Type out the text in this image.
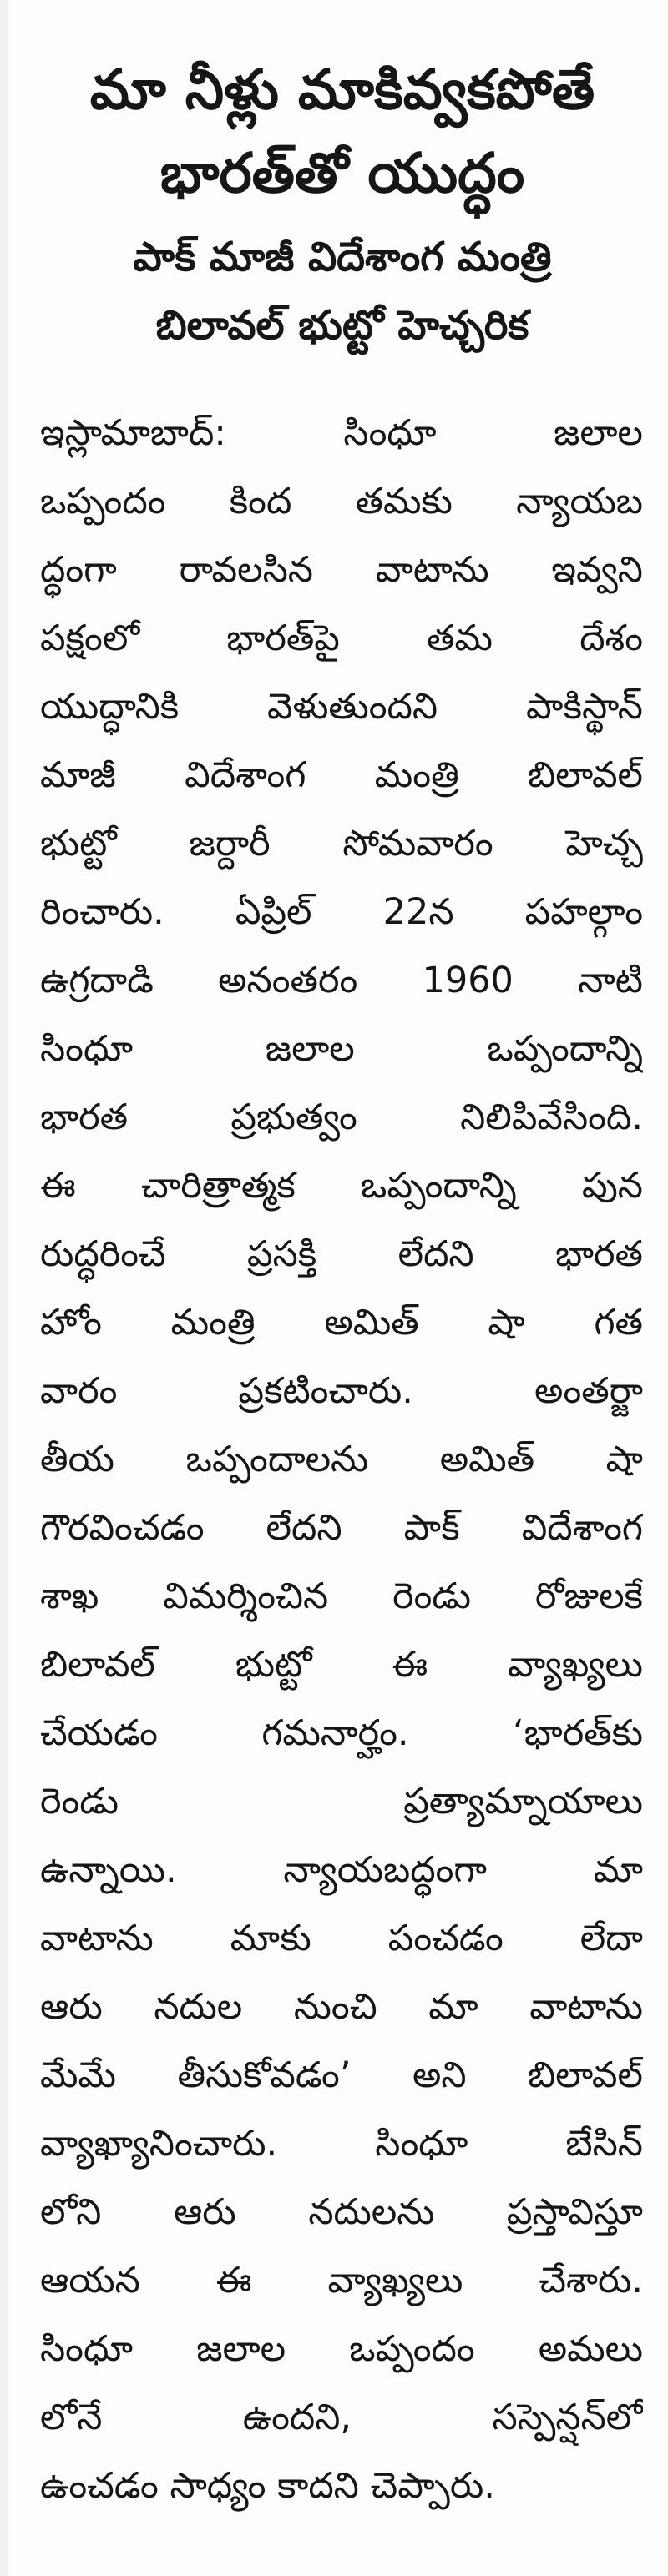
మా నీళ్లు మాకివ్వకపోతే
భారత్‌తో యుద్ధం
పాక్ మాజీ విదేశాంగ మంత్రి
బిలావల్ భుట్టో హెచ్చరిక
ఇస్లామాబాద్: సింధూ జలాల
ఒప్పందం కింద తమకు న్యాయబ
ద్ధంగా రావలసిన వాటాను ఇవ్వని
పక్షంలో భారత్‌పై తమ దేశం
యుద్ధానికి వెళుతుందని పాకిస్థాన్
మాజీ విదేశాంగ మంత్రి బిలావల్
భుట్టో జర్దారీ సోమవారం హెచ్చ
రించారు. ఏప్రిల్ 22న పహల్గాం
ఉగ్రదాడి అనంతరం 1960 నాటి
సింధూ జలాల ఒప్పందాన్ని
భారత ప్రభుత్వం నిలిపివేసింది.
ఈ చారిత్రాత్మక ఒప్పందాన్ని పున
రుద్ధరించే ప్రసక్తి లేదని భారత
హోం మంత్రి అమిత్ షా గత
వారం ప్రకటించారు. అంతర్జా
తీయ ఒప్పందాలను అమిత్ షా
గౌరవించడం లేదని పాక్ విదేశాంగ
శాఖ విమర్శించిన రెండు రోజులకే
బిలావల్ భుట్టో ఈ వ్యాఖ్యలు
చేయడం గమనార్హం. ‘భారత్‌కు
రెండు ప్రత్యామ్నాయాలు
ఉన్నాయి. న్యాయబద్ధంగా మా
వాటాను మాకు పంచడం లేదా
ఆరు నదుల నుంచి మా వాటాను
మేమే తీసుకోవడం’ అని బిలావల్
వ్యాఖ్యానించారు. సింధూ బేసిన్
లోని ఆరు నదులను ప్రస్తావిస్తూ
ఆయన ఈ వ్యాఖ్యలు చేశారు.
సింధూ జలాల ఒప్పందం అమలు
లోనే ఉందని, సస్పెన్షన్‌లో
ఉంచడం సాధ్యం కాదని చెప్పారు.
